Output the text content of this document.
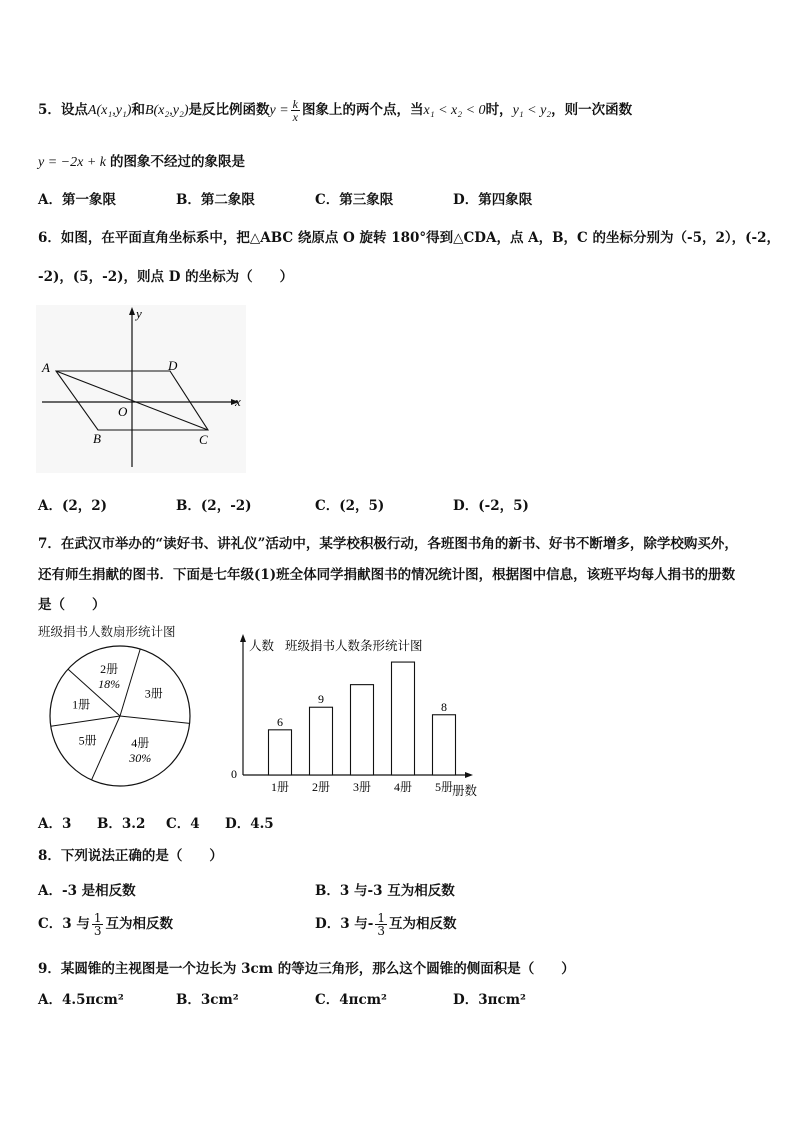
5．设点A(x₁,y₁)和B(x₂,y₂)是反比例函数$y = \frac{k}{x}$ 图象上的两个点，当x₁ < x₂ < 0时，y₁ < y₂，则一次函数
y = −2x + k 的图象不经过的象限是
A．第一象限	B．第二象限	C．第三象限	D．第四象限
6．如图，在平面直角坐标系中，把△ABC 绕原点 O 旋转 180°得到△CDA，点 A，B，C 的坐标分别为（-5，2），(-2，
-2)，(5，-2)，则点 D 的坐标为（　　）
y
x
A	D
O
B	C
A．(2，2)	B．(2，-2)	C．(2，5)	D．(-2，5)
7．在武汉市举办的“读好书、讲礼仪”活动中，某学校积极行动，各班图书角的新书、好书不断增多，除学校购买外，
还有师生捐献的图书．下面是七年级(1)班全体同学捐献图书的情况统计图，根据图中信息，该班平均每人捐书的册数
是（　　）
班级捐书人数扇形统计图
2册
18%
3册
4册
30%
5册
1册
人数 班级捐书人数条形统计图
0
册数
1册
6
2册
9
3册 4册 5册
8
A．3 B．3.2 C．4 D．4.5
8．下列说法正确的是（　　）
A．-3 是相反数	B．3 与-3 互为相反数
C．3 与 $\frac{1}{3}$ 互为相反数	D．3 与- $\frac{1}{3}$ 互为相反数
9．某圆锥的主视图是一个边长为 3cm 的等边三角形，那么这个圆锥的侧面积是（　　）
A．4.5πcm²	B．3cm²	C．4πcm²	D．3πcm²
